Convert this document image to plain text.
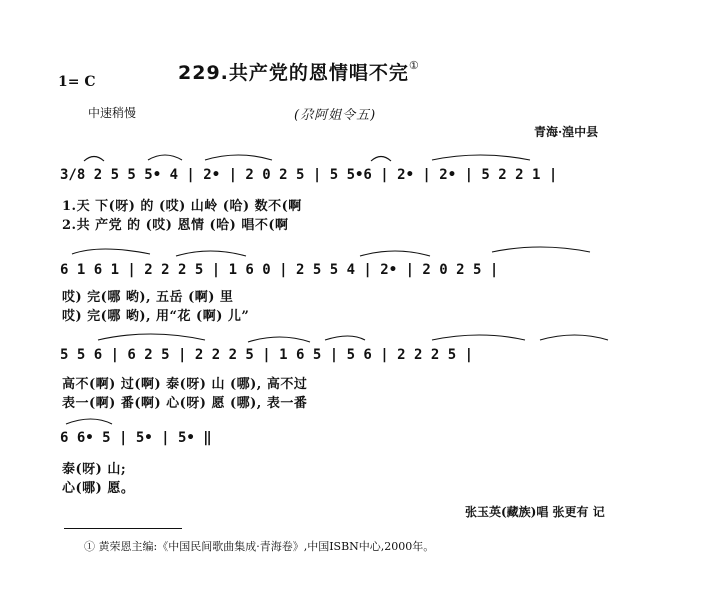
229.共产党的恩情唱不完①
1= C
中速稍慢	(尕阿姐令五)
青海·湟中县
3/8 2 5 5 5• 4 | 2• | 2 0 2 5 | 5 5•6 | 2• | 2• | 5 2 2 1 |
1.天 下(呀) 的 (哎) 山岭 (哈) 数不(啊
2.共 产党 的 (哎) 恩情 (哈) 唱不(啊
6 1 6 1 | 2 2 2 5 | 1 6 0 | 2 5 5 4 | 2• | 2 0 2 5 |
哎) 完(哪 哟), 五岳 (啊) 里
哎) 完(哪 哟), 用“花 (啊) 儿”
5 5 6 | 6 2 5 | 2 2 2 5 | 1 6 5 | 5 6 | 2 2 2 5 |
高不(啊) 过(啊) 泰(呀) 山 (哪), 高不过
表一(啊) 番(啊) 心(呀) 愿 (哪), 表一番
6 6• 5 | 5• | 5• ‖
泰(呀) 山;
心(哪) 愿。
张玉英(藏族)唱 张更有 记
① 黄荣恩主编:《中国民间歌曲集成·青海卷》,中国ISBN中心,2000年。
